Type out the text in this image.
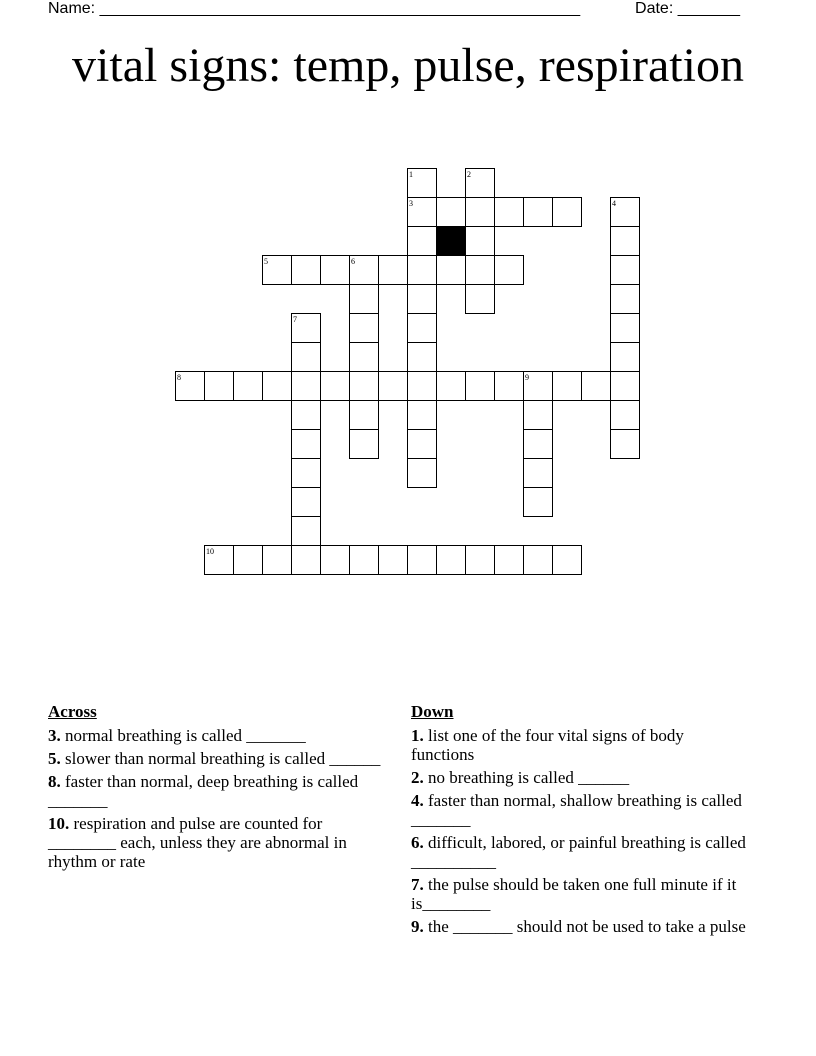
Name: ______________________________________________________	Date: _______
vital signs: temp, pulse, respiration
1	2
3	4
5	6
7
8	9
10
Across
3. normal breathing is called _______
5. slower than normal breathing is called ______
8. faster than normal, deep breathing is called _______
10. respiration and pulse are counted for ________ each, unless they are abnormal in rhythm or rate
Down
1. list one of the four vital signs of body functions
2. no breathing is called ______
4. faster than normal, shallow breathing is called _______
6. difficult, labored, or painful breathing is called __________
7. the pulse should be taken one full minute if it is________
9. the _______ should not be used to take a pulse
